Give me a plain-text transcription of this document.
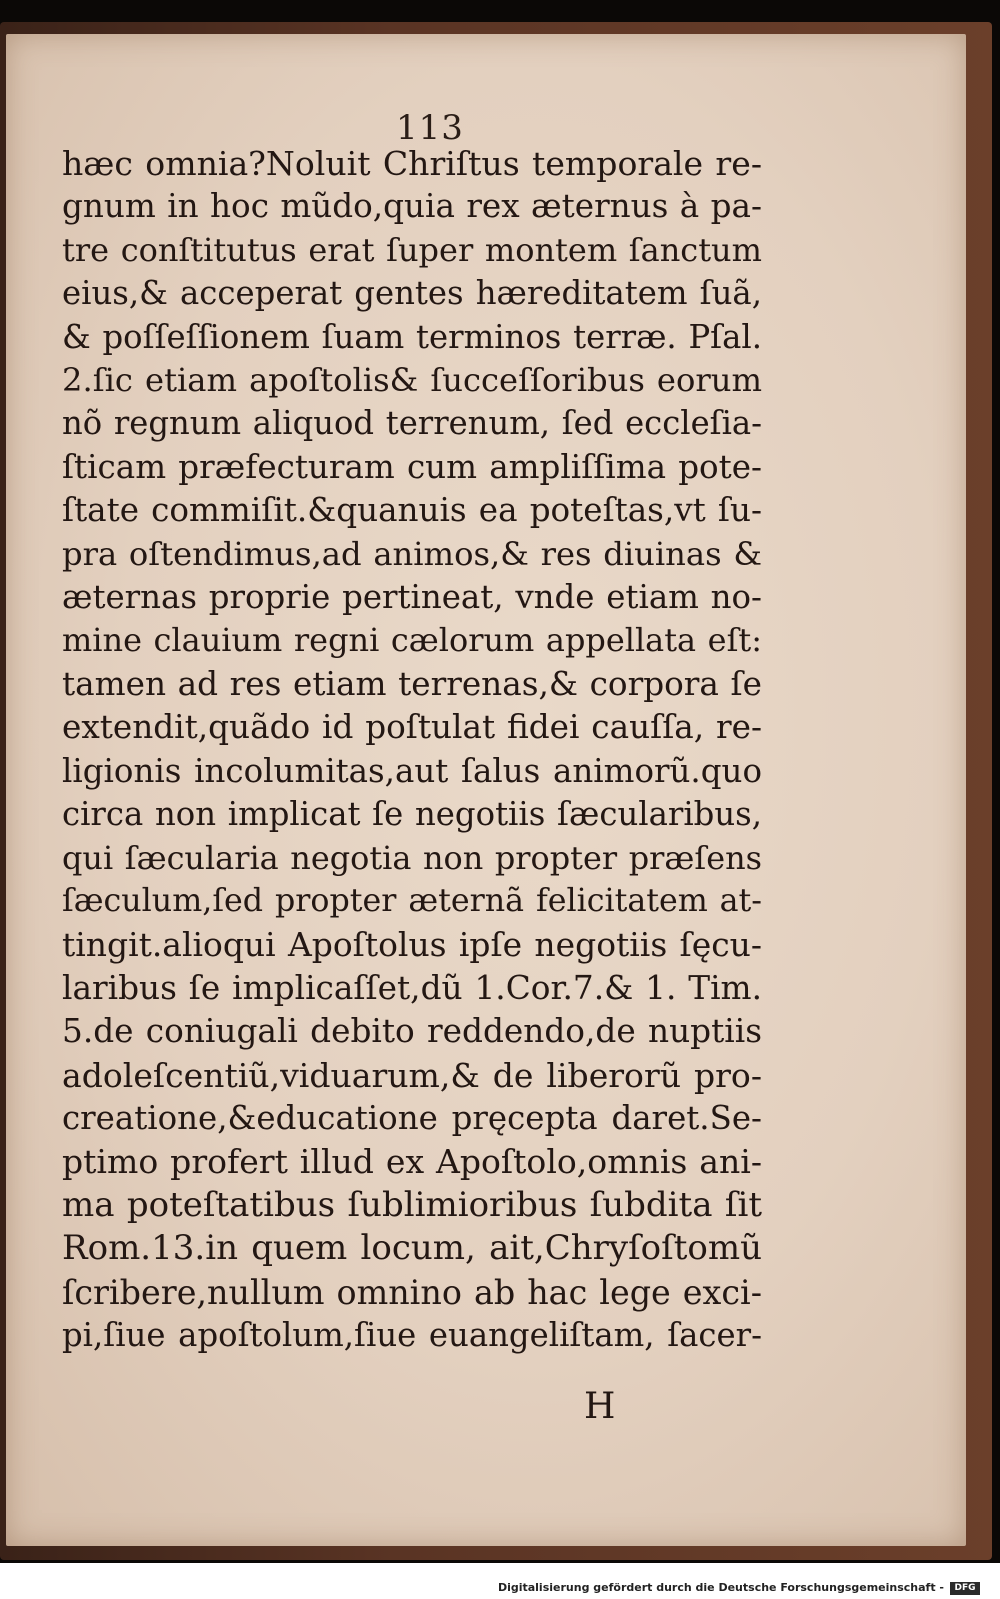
113
hæc omnia?Noluit Chriſtus temporale re-
gnum in hoc mũdo,quia rex æternus à pa-
tre conſtitutus erat ſuper montem ſanctum
eius,& acceperat gentes hæreditatem ſuã,
& poſſeſſionem ſuam terminos terræ. Pſal.
2.ſic etiam apoſtolis& ſucceſſoribus eorum
nõ regnum aliquod terrenum, ſed eccleſia-
ſticam præfecturam cum ampliſſima pote-
ſtate commiſit.&quanuis ea poteſtas,vt ſu-
pra oſtendimus,ad animos,& res diuinas &
æternas proprie pertineat, vnde etiam no-
mine clauium regni cælorum appellata eſt:
tamen ad res etiam terrenas,& corpora ſe
extendit,quãdo id poſtulat fidei cauſſa, re-
ligionis incolumitas,aut ſalus animorũ.quo
circa non implicat ſe negotiis ſæcularibus,
qui ſæcularia negotia non propter præſens
ſæculum,ſed propter æternã felicitatem at-
tingit.alioqui Apoſtolus ipſe negotiis ſęcu-
laribus ſe implicaſſet,dũ 1.Cor.7.& 1. Tim.
5.de coniugali debito reddendo,de nuptiis
adoleſcentiũ,viduarum,& de liberorũ pro-
creatione,&educatione pręcepta daret.Se-
ptimo profert illud ex Apoſtolo,omnis ani-
ma poteſtatibus ſublimioribus ſubdita ſit
Rom.13.in quem locum, ait,Chryſoſtomũ
ſcribere,nullum omnino ab hac lege exci-
pi,ſiue apoſtolum,ſiue euangeliſtam, ſacer-
H
Digitalisierung gefördert durch die Deutsche Forschungsgemeinschaft -	DFG
